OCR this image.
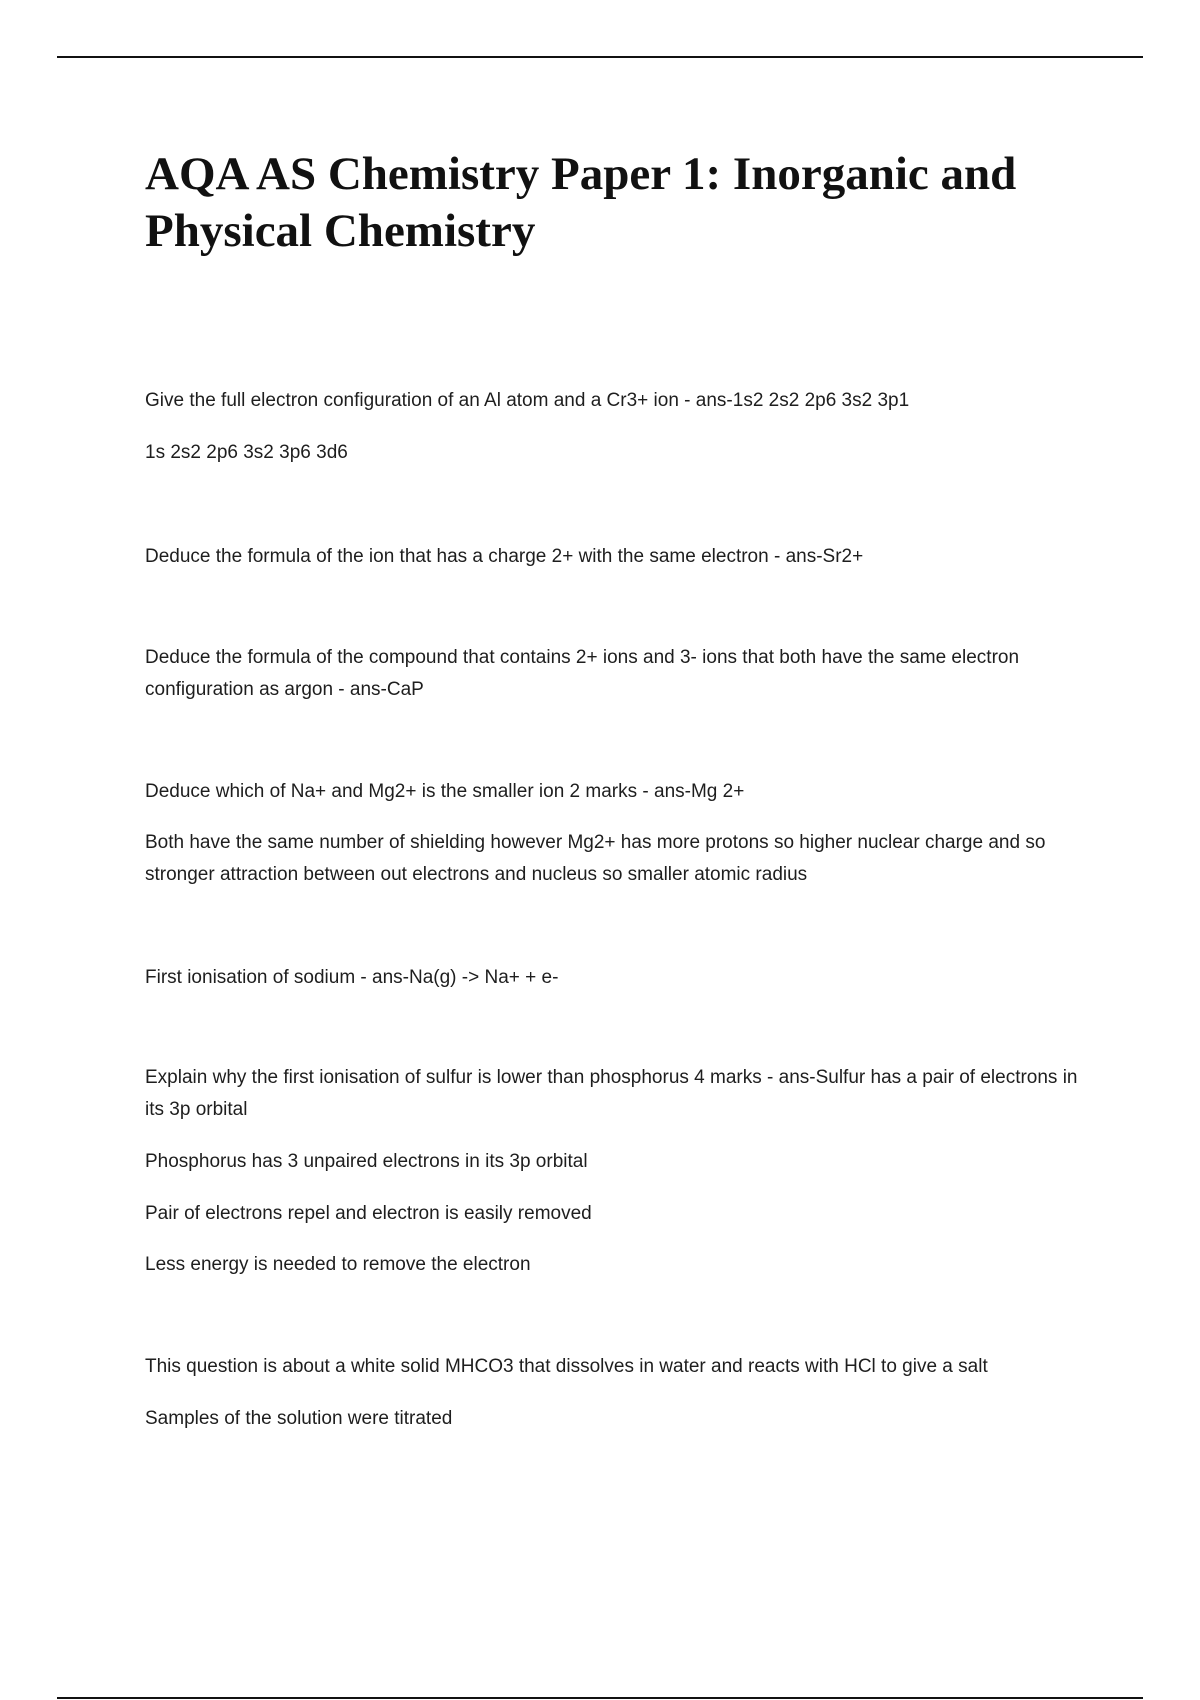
AQA AS Chemistry Paper 1: Inorganic and
Physical Chemistry

Give the full electron configuration of an Al atom and a Cr3+ ion - ans-1s2 2s2 2p6 3s2 3p1

1s 2s2 2p6 3s2 3p6 3d6

Deduce the formula of the ion that has a charge 2+ with the same electron - ans-Sr2+

Deduce the formula of the compound that contains 2+ ions and 3- ions that both have the same electron configuration as argon - ans-CaP

Deduce which of Na+ and Mg2+ is the smaller ion 2 marks - ans-Mg 2+

Both have the same number of shielding however Mg2+ has more protons so higher nuclear charge and so stronger attraction between out electrons and nucleus so smaller atomic radius

First ionisation of sodium - ans-Na(g) -> Na+ + e-

Explain why the first ionisation of sulfur is lower than phosphorus 4 marks - ans-Sulfur has a pair of electrons in its 3p orbital

Phosphorus has 3 unpaired electrons in its 3p orbital

Pair of electrons repel and electron is easily removed

Less energy is needed to remove the electron

This question is about a white solid MHCO3 that dissolves in water and reacts with HCl to give a salt

Samples of the solution were titrated
